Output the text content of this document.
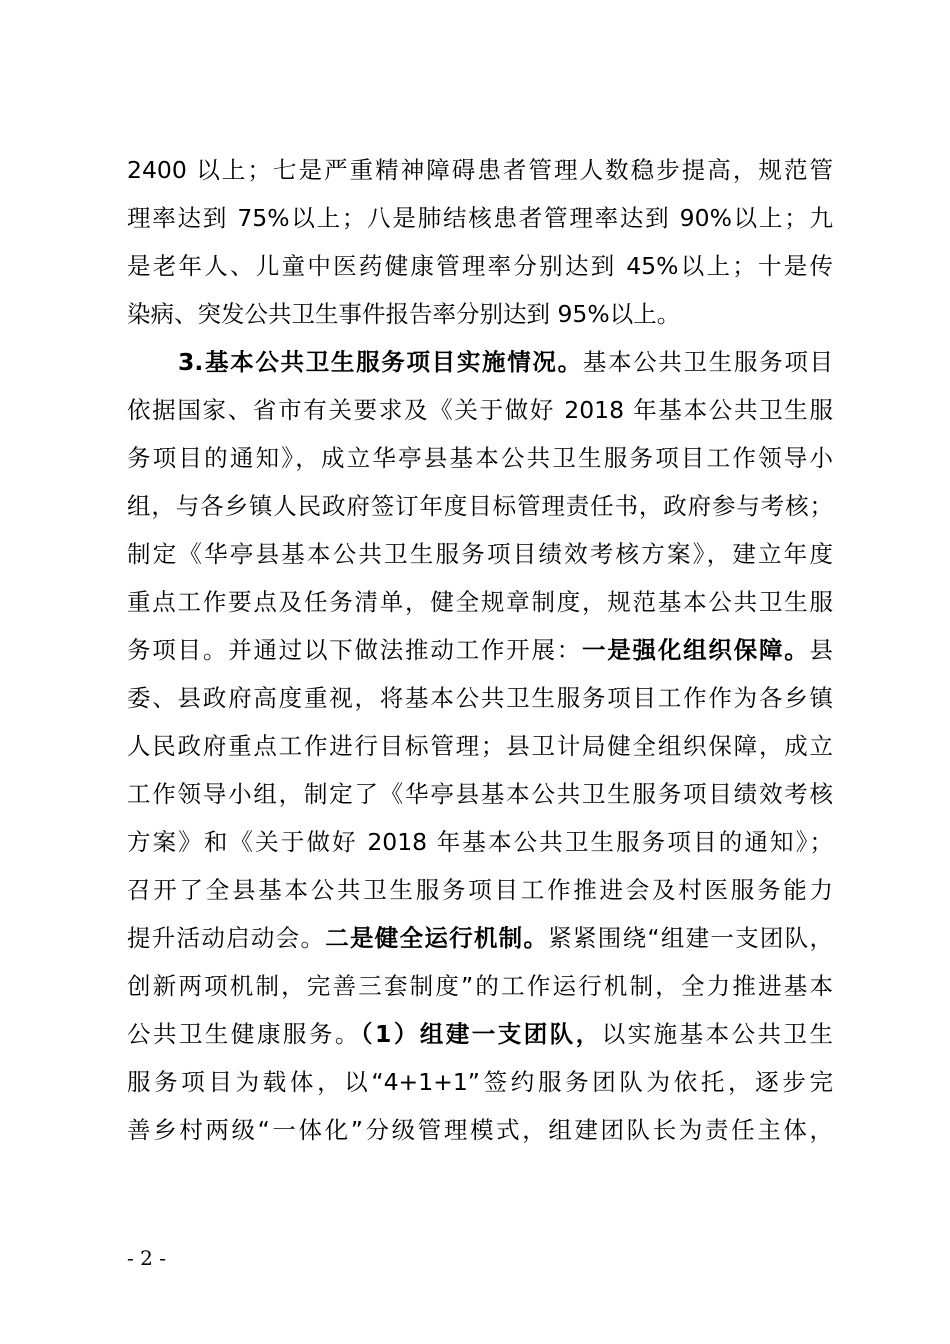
2400 以上；七是严重精神障碍患者管理人数稳步提高，规范管
理率达到 75%以上；八是肺结核患者管理率达到 90%以上；九
是老年人、儿童中医药健康管理率分别达到 45%以上；十是传
染病、突发公共卫生事件报告率分别达到 95%以上。
3.基本公共卫生服务项目实施情况。基本公共卫生服务项目
依据国家、省市有关要求及《关于做好 2018 年基本公共卫生服
务项目的通知》，成立华亭县基本公共卫生服务项目工作领导小
组，与各乡镇人民政府签订年度目标管理责任书，政府参与考核；
制定《华亭县基本公共卫生服务项目绩效考核方案》，建立年度
重点工作要点及任务清单，健全规章制度，规范基本公共卫生服
务项目。并通过以下做法推动工作开展：一是强化组织保障。县
委、县政府高度重视，将基本公共卫生服务项目工作作为各乡镇
人民政府重点工作进行目标管理；县卫计局健全组织保障，成立
工作领导小组，制定了《华亭县基本公共卫生服务项目绩效考核
方案》和《关于做好 2018 年基本公共卫生服务项目的通知》；
召开了全县基本公共卫生服务项目工作推进会及村医服务能力
提升活动启动会。二是健全运行机制。紧紧围绕“组建一支团队，
创新两项机制，完善三套制度”的工作运行机制，全力推进基本
公共卫生健康服务。（1）组建一支团队，以实施基本公共卫生
服务项目为载体，以“4+1+1”签约服务团队为依托，逐步完
善乡村两级“一体化”分级管理模式，组建团队长为责任主体，
- 2 -
